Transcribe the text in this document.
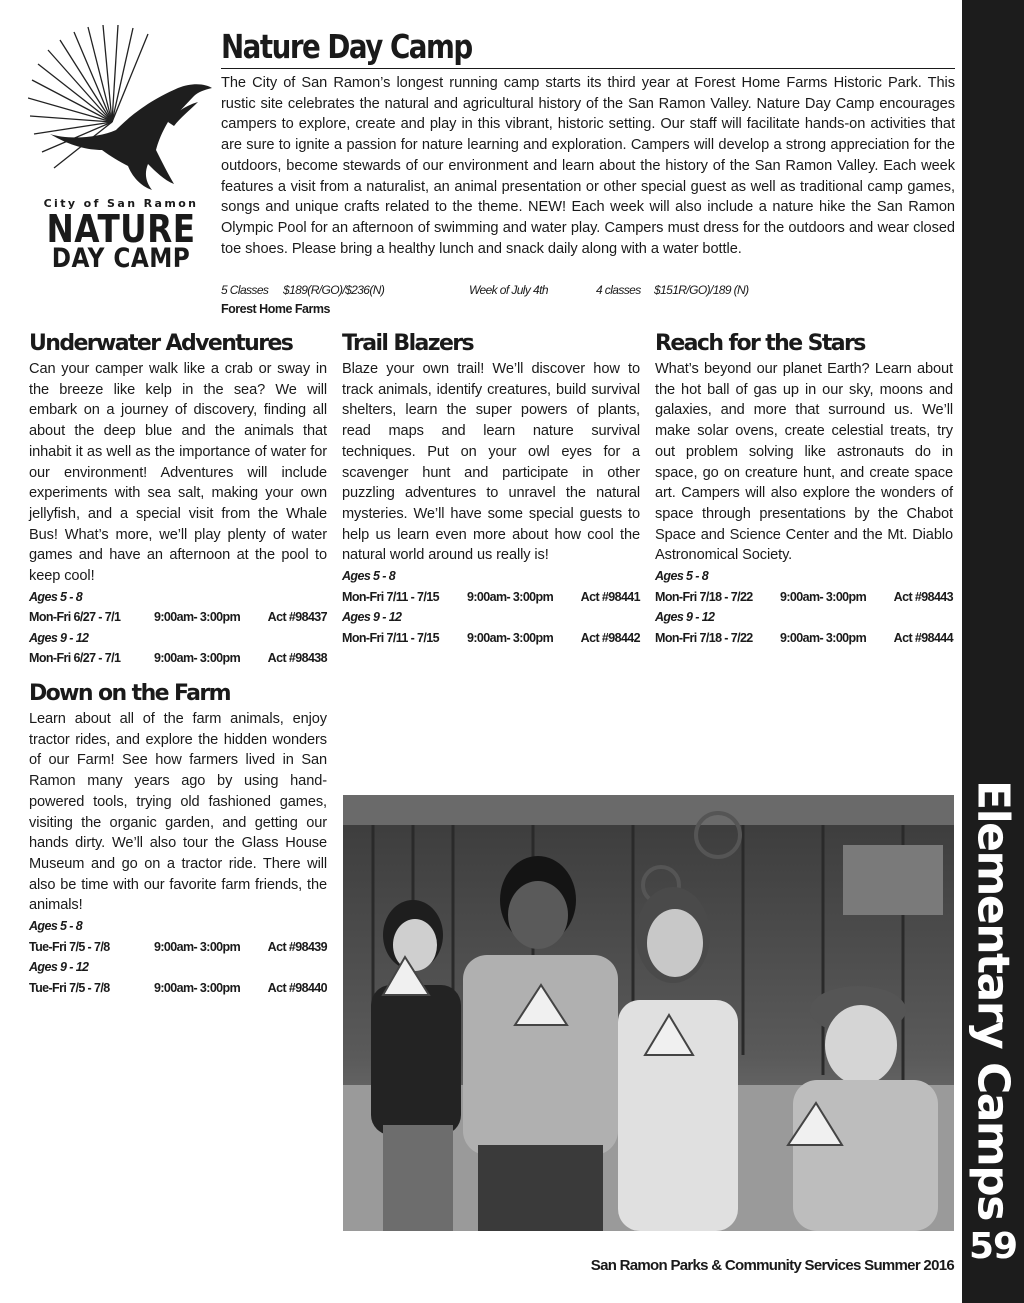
Elementary Camps
59
City of San Ramon
NATURE
DAY CAMP
Nature Day Camp
The City of San Ramon’s longest running camp starts its third year at Forest Home Farms Historic Park. This rustic site celebrates the natural and agricultural history of the San Ramon Valley. Nature Day Camp encourages campers to explore, create and play in this vibrant, historic setting. Our staff will facilitate hands-on activities that are sure to ignite a passion for nature learning and exploration. Campers will develop a strong appreciation for the outdoors, become stewards of our environment and learn about the history of the San Ramon Valley. Each week features a visit from a naturalist, an animal presentation or other special guest as well as traditional camp games, songs and unique crafts related to the theme. NEW! Each week will also include a nature hike the San Ramon Olympic Pool for an afternoon of swimming and water play. Campers must dress for the outdoors and wear closed toe shoes. Please bring a healthy lunch and snack daily along with a water bottle.
5 Classes $189(R/GO)/$236(N)	Week of July 4th	4 classes $151R/GO)/189 (N)
Forest Home Farms
Underwater Adventures

Can your camper walk like a crab or sway in the breeze like kelp in the sea? We will embark on a journey of discovery, finding all about the deep blue and the animals that inhabit it as well as the importance of water for our environment! Adventures will include experiments with sea salt, making your own jellyfish, and a special visit from the Whale Bus! What’s more, we’ll play plenty of water games and have an afternoon at the pool to keep cool!

Ages 5 - 8
Mon-Fri 6/27 - 7/1	9:00am- 3:00pm Act #98437
Ages 9 - 12
Mon-Fri 6/27 - 7/1	9:00am- 3:00pm Act #98438
Trail Blazers

Blaze your own trail! We’ll discover how to track animals, identify creatures, build survival shelters, learn the super powers of plants, read maps and learn nature survival techniques. Put on your owl eyes for a scavenger hunt and participate in other puzzling adventures to unravel the natural mysteries. We’ll have some special guests to help us learn even more about how cool the natural world around us really is!

Ages 5 - 8
Mon-Fri 7/11 - 7/15 9:00am- 3:00pm Act #98441
Ages 9 - 12
Mon-Fri 7/11 - 7/15 9:00am- 3:00pm Act #98442
Reach for the Stars

What’s beyond our planet Earth? Learn about the hot ball of gas up in our sky, moons and galaxies, and more that surround us. We’ll make solar ovens, create celestial treats, try out problem solving like astronauts do in space, go on creature hunt, and create space art. Campers will also explore the wonders of space through presentations by the Chabot Space and Science Center and the Mt. Diablo Astronomical Society.

Ages 5 - 8
Mon-Fri 7/18 - 7/22 9:00am- 3:00pm Act #98443
Ages 9 - 12
Mon-Fri 7/18 - 7/22 9:00am- 3:00pm Act #98444
Down on the Farm

Learn about all of the farm animals, enjoy tractor rides, and explore the hidden wonders of our Farm! See how farmers lived in San Ramon many years ago by using hand-powered tools, trying old fashioned games, visiting the organic garden, and getting our hands dirty. We’ll also tour the Glass House Museum and go on a tractor ride. There will also be time with our favorite farm friends, the animals!

Ages 5 - 8
Tue-Fri 7/5 - 7/8	9:00am- 3:00pm Act #98439
Ages 9 - 12
Tue-Fri 7/5 - 7/8	9:00am- 3:00pm Act #98440
San Ramon Parks & Community Services Summer 2016
